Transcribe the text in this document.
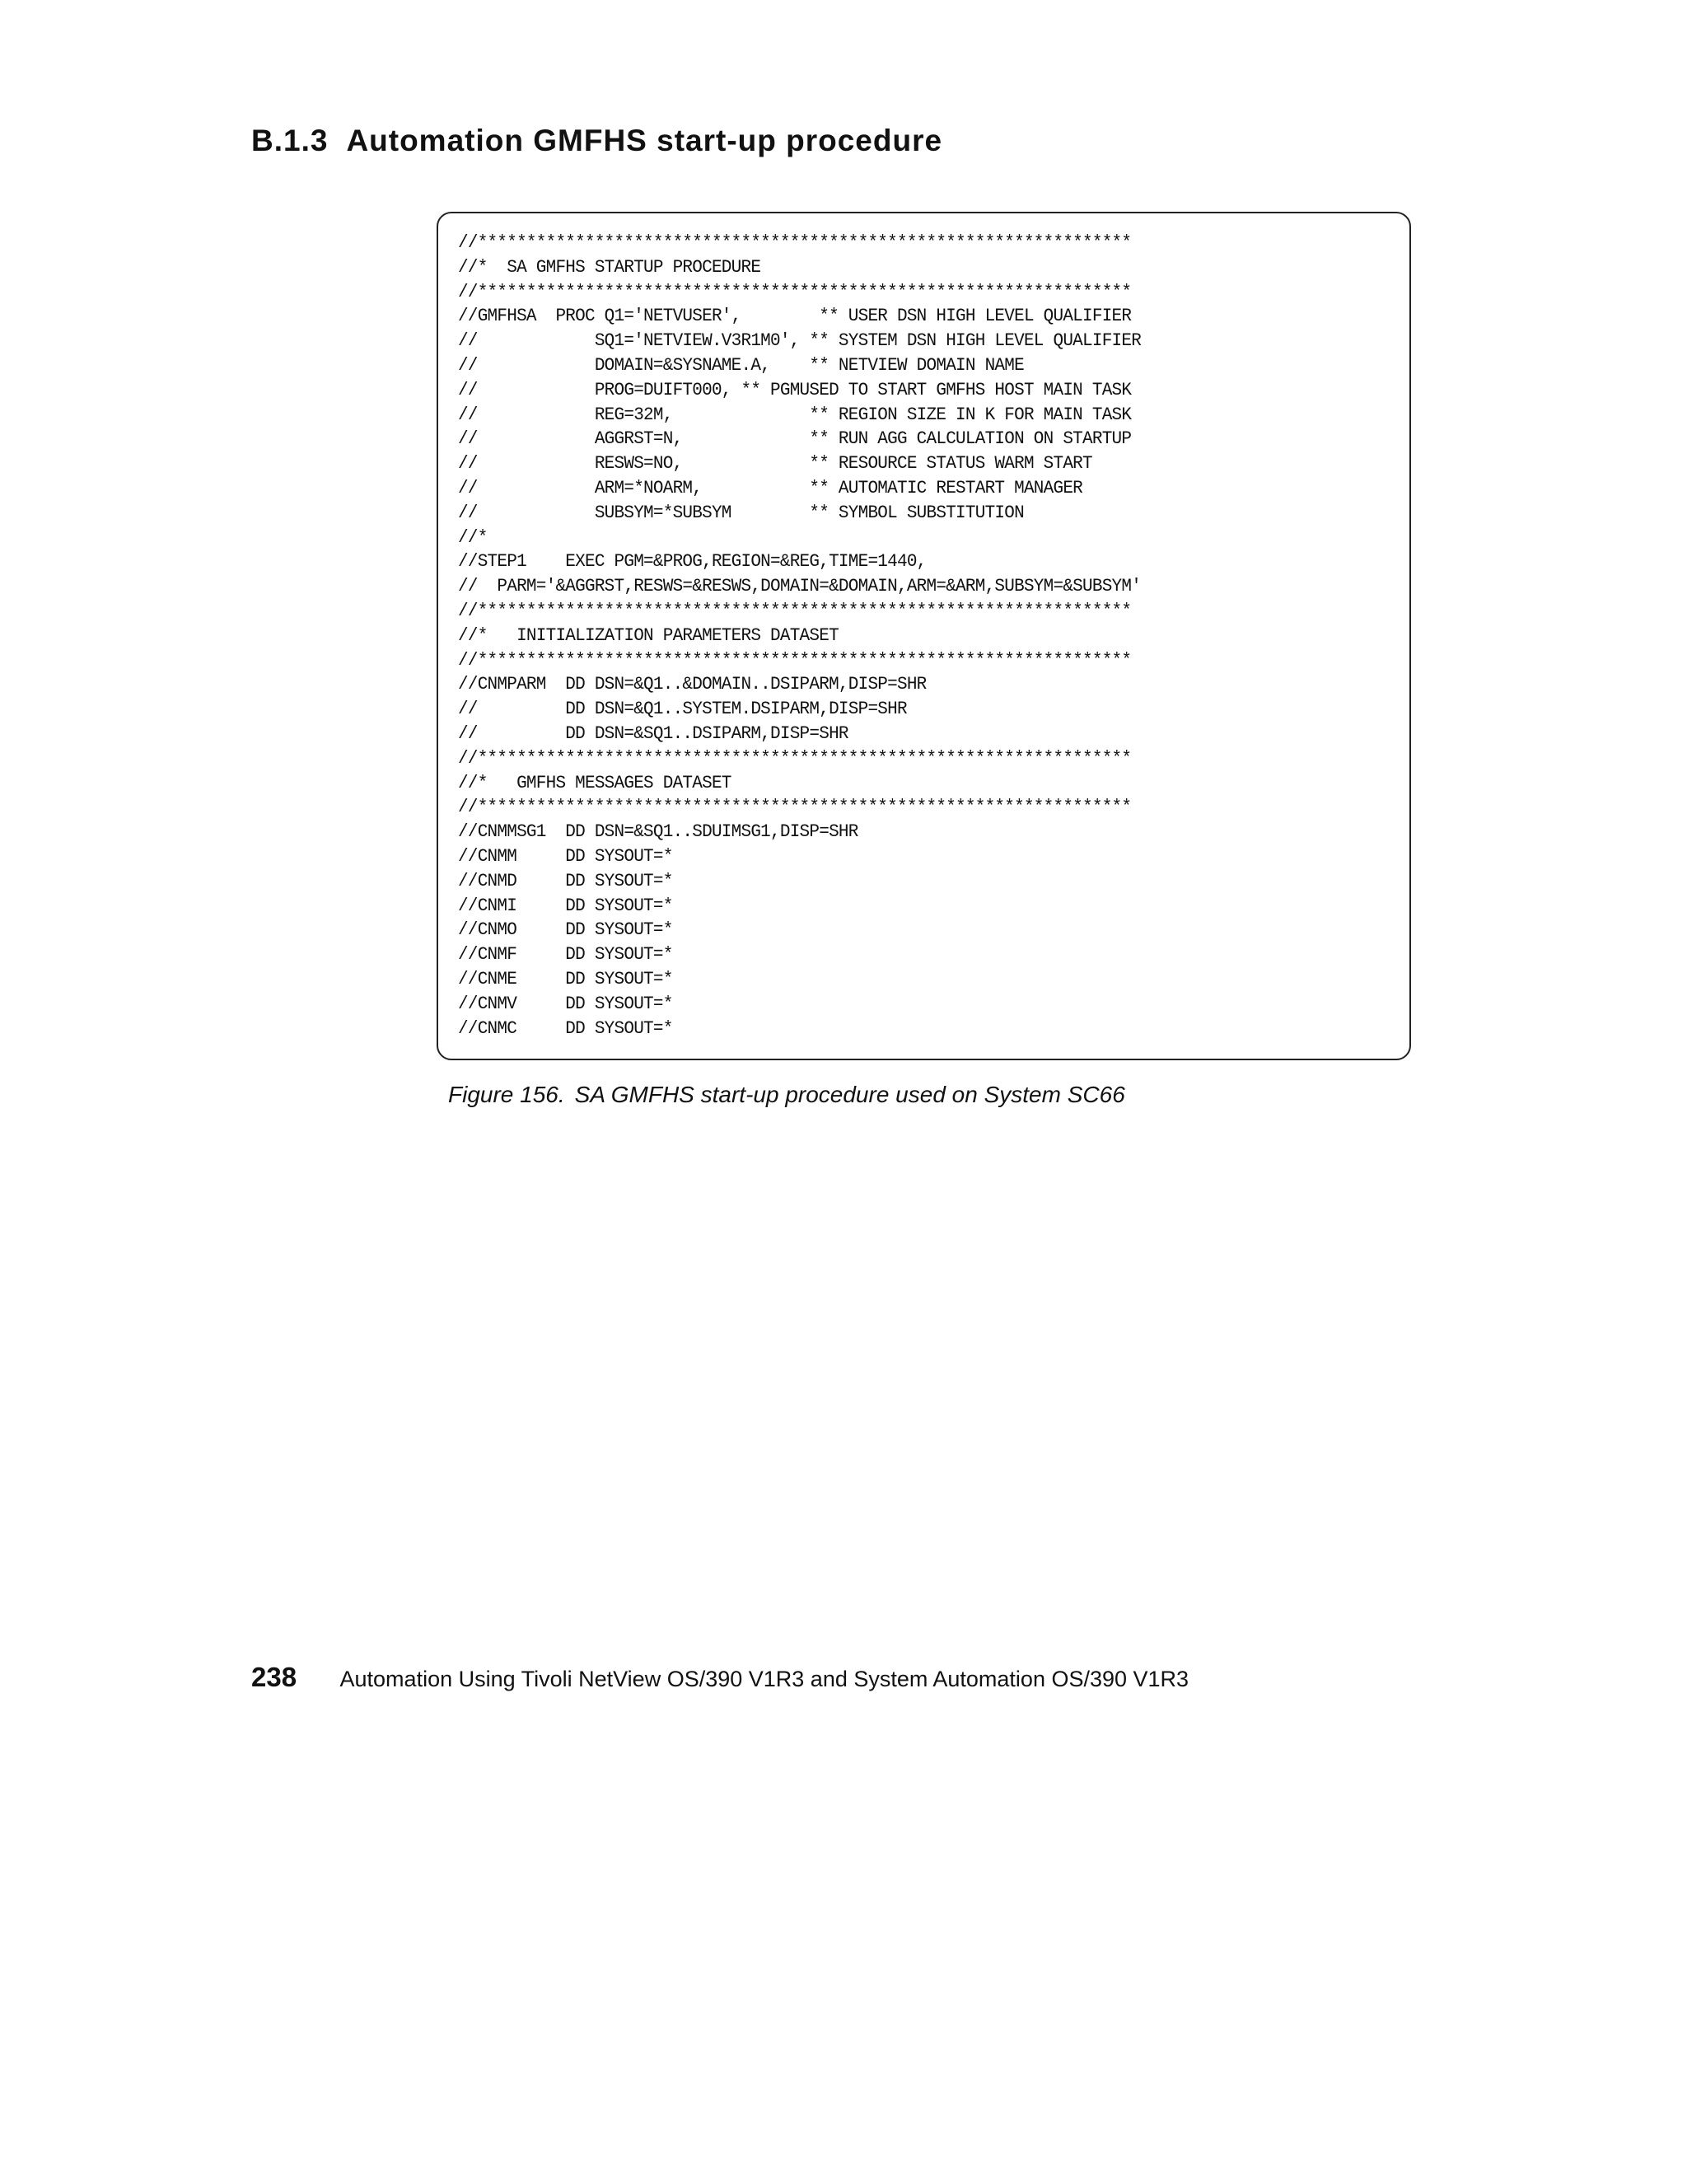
B.1.3 Automation GMFHS start-up procedure
//*******************************************************************
//*  SA GMFHS STARTUP PROCEDURE
//*******************************************************************
//GMFHSA  PROC Q1='NETVUSER',        ** USER DSN HIGH LEVEL QUALIFIER
//            SQ1='NETVIEW.V3R1M0', ** SYSTEM DSN HIGH LEVEL QUALIFIER
//            DOMAIN=&SYSNAME.A,    ** NETVIEW DOMAIN NAME
//            PROG=DUIFT000, ** PGMUSED TO START GMFHS HOST MAIN TASK
//            REG=32M,              ** REGION SIZE IN K FOR MAIN TASK
//            AGGRST=N,             ** RUN AGG CALCULATION ON STARTUP
//            RESWS=NO,             ** RESOURCE STATUS WARM START
//            ARM=*NOARM,           ** AUTOMATIC RESTART MANAGER
//            SUBSYM=*SUBSYM        ** SYMBOL SUBSTITUTION
//*
//STEP1    EXEC PGM=&PROG,REGION=&REG,TIME=1440,
//  PARM='&AGGRST,RESWS=&RESWS,DOMAIN=&DOMAIN,ARM=&ARM,SUBSYM=&SUBSYM'
//*******************************************************************
//*   INITIALIZATION PARAMETERS DATASET
//*******************************************************************
//CNMPARM  DD DSN=&Q1..&DOMAIN..DSIPARM,DISP=SHR
//         DD DSN=&Q1..SYSTEM.DSIPARM,DISP=SHR
//         DD DSN=&SQ1..DSIPARM,DISP=SHR
//*******************************************************************
//*   GMFHS MESSAGES DATASET
//*******************************************************************
//CNMMSG1  DD DSN=&SQ1..SDUIMSG1,DISP=SHR
//CNMM     DD SYSOUT=*
//CNMD     DD SYSOUT=*
//CNMI     DD SYSOUT=*
//CNMO     DD SYSOUT=*
//CNMF     DD SYSOUT=*
//CNME     DD SYSOUT=*
//CNMV     DD SYSOUT=*
//CNMC     DD SYSOUT=*

Figure 156. SA GMFHS start-up procedure used on System SC66

238 Automation Using Tivoli NetView OS/390 V1R3 and System Automation OS/390 V1R3
